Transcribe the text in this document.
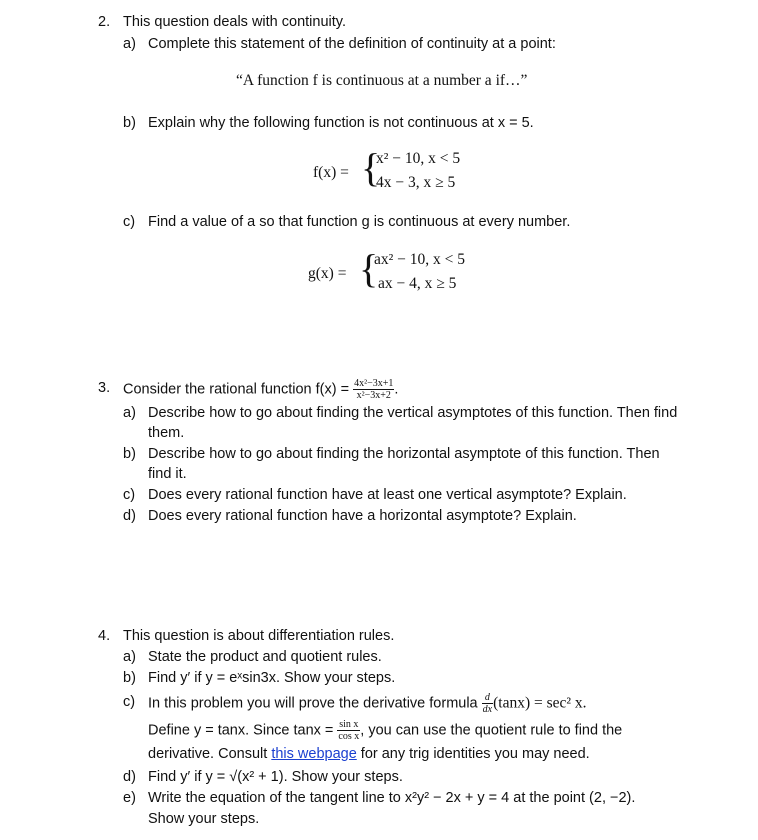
2. This question deals with continuity.
a) Complete this statement of the definition of continuity at a point:
“A function f is continuous at a number a if…”
b) Explain why the following function is not continuous at x = 5.
f(x) = {
x² − 10, x < 5
4x − 3, x ≥ 5
c) Find a value of a so that function g is continuous at every number.
g(x) = {
ax² − 10, x < 5
ax − 4, x ≥ 5
3. Consider the rational function $f(x) = \frac{\text{4x²−3x+1}}{\text{x²−3x+2}}$ .
a) Describe how to go about finding the vertical asymptotes of this function. Then find
them.
b) Describe how to go about finding the horizontal asymptote of this function. Then
find it.
c) Does every rational function have at least one vertical asymptote? Explain.
d) Does every rational function have a horizontal asymptote? Explain.
4. This question is about differentiation rules.
a) State the product and quotient rules.
b) Find y′ if y = eˣsin3x. Show your steps.
c) In this problem you will prove the derivative formula $\frac{d}{dx} (\tan x) = \sec^2$ x.
Define y = tanx. Since $\tan x = \frac{\text{sin x}}{\text{cos x}}$ , you can use the quotient rule to find the
derivative. Consult this webpage for any trig identities you may need.
d) Find y′ if y = √(x² + 1). Show your steps.
e) Write the equation of the tangent line to x²y² − 2x + y = 4 at the point (2, −2).
Show your steps.
